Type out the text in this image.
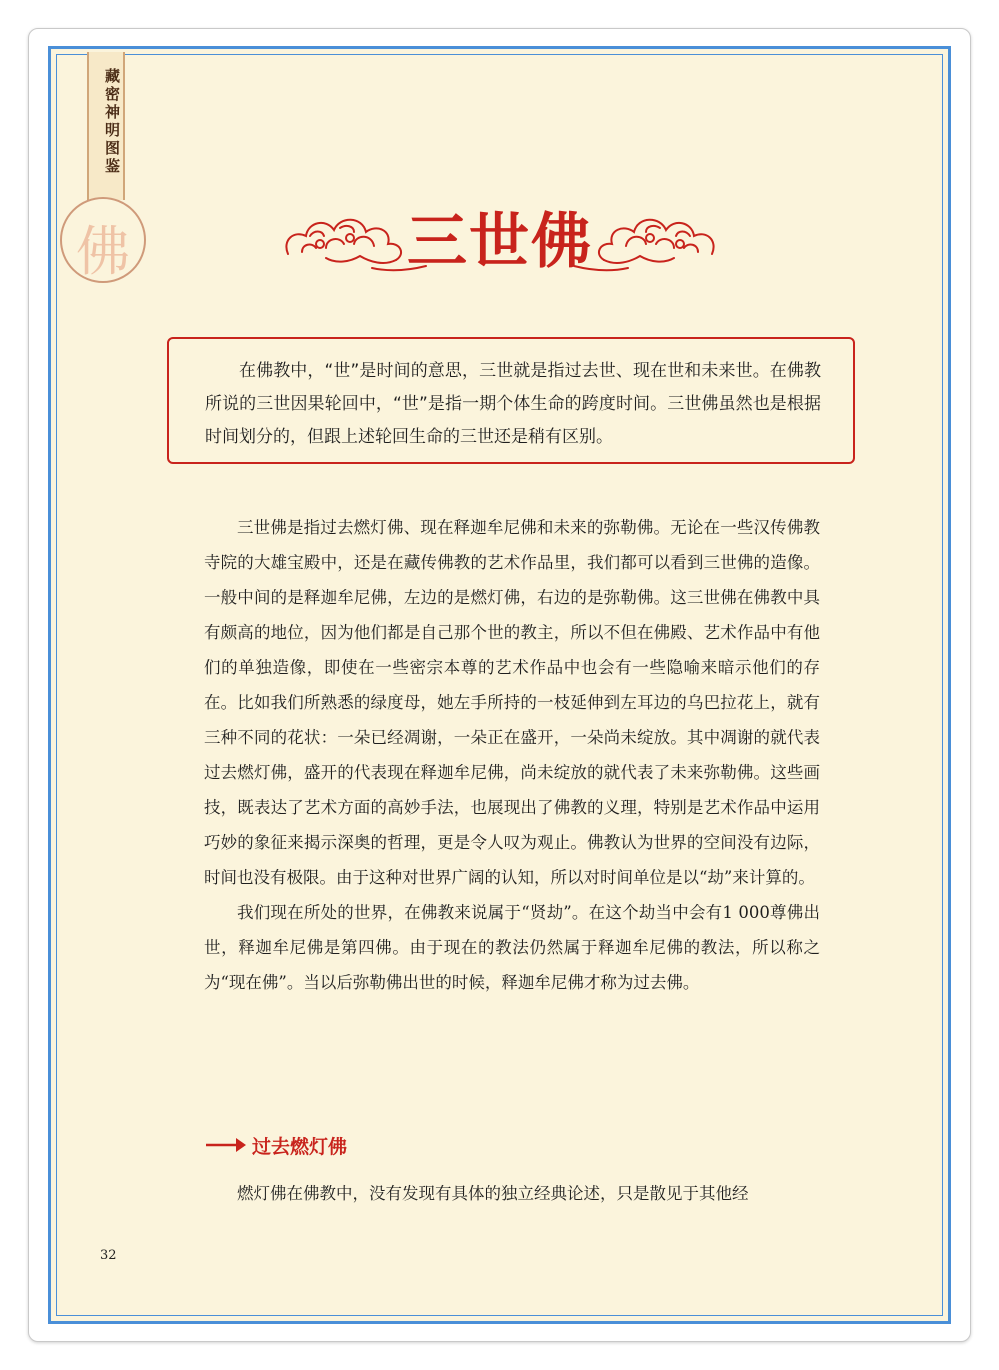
藏密神明图鉴
佛	三世佛
在佛教中，“世”是时间的意思，三世就是指过去世、现在世和未来世。在佛教所说的三世因果轮回中，“世”是指一期个体生命的跨度时间。三世佛虽然也是根据时间划分的，但跟上述轮回生命的三世还是稍有区别。

三世佛是指过去燃灯佛、现在释迦牟尼佛和未来的弥勒佛。无论在一些汉传佛教寺院的大雄宝殿中，还是在藏传佛教的艺术作品里，我们都可以看到三世佛的造像。一般中间的是释迦牟尼佛，左边的是燃灯佛，右边的是弥勒佛。这三世佛在佛教中具有颇高的地位，因为他们都是自己那个世的教主，所以不但在佛殿、艺术作品中有他们的单独造像，即使在一些密宗本尊的艺术作品中也会有一些隐喻来暗示他们的存在。比如我们所熟悉的绿度母，她左手所持的一枝延伸到左耳边的乌巴拉花上，就有三种不同的花状：一朵已经凋谢，一朵正在盛开，一朵尚未绽放。其中凋谢的就代表过去燃灯佛，盛开的代表现在释迦牟尼佛，尚未绽放的就代表了未来弥勒佛。这些画技，既表达了艺术方面的高妙手法，也展现出了佛教的义理，特别是艺术作品中运用巧妙的象征来揭示深奥的哲理，更是令人叹为观止。佛教认为世界的空间没有边际，时间也没有极限。由于这种对世界广阔的认知，所以对时间单位是以“劫”来计算的。

我们现在所处的世界，在佛教来说属于“贤劫”。在这个劫当中会有1 000尊佛出世，释迦牟尼佛是第四佛。由于现在的教法仍然属于释迦牟尼佛的教法，所以称之为“现在佛”。当以后弥勒佛出世的时候，释迦牟尼佛才称为过去佛。

过去燃灯佛
燃灯佛在佛教中，没有发现有具体的独立经典论述，只是散见于其他经
32
